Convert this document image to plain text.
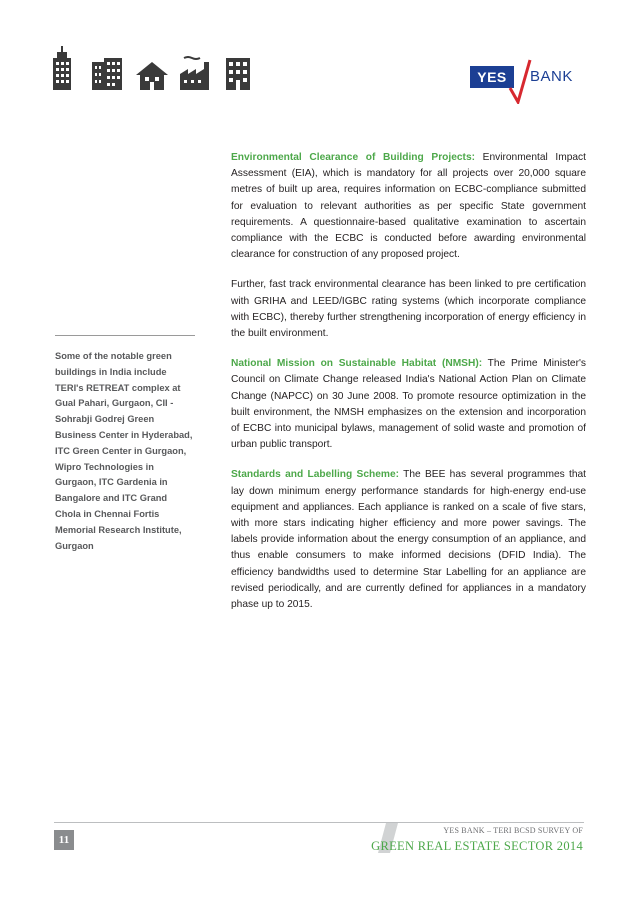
YES	BANK

Environmental Clearance of Building Projects: Environmental Impact Assessment (EIA), which is mandatory for all projects over 20,000 square metres of built up area, requires information on ECBC-compliance submitted for evaluation to relevant authorities as per specific State government requirements. A questionnaire-based qualitative examination to ascertain compliance with the ECBC is conducted before awarding environmental clearance for construction of any proposed project.

Further, fast track environmental clearance has been linked to pre certification with GRIHA and LEED/IGBC rating systems (which incorporate compliance with ECBC), thereby further strengthening incorporation of energy efficiency in the built environment.

National Mission on Sustainable Habitat (NMSH): The Prime Minister's Council on Climate Change released India's National Action Plan on Climate Change (NAPCC) on 30 June 2008. To promote resource optimization in the built environment, the NMSH emphasizes on the extension and incorporation of ECBC into municipal bylaws, management of solid waste and promotion of urban public transport.

Standards and Labelling Scheme: The BEE has several programmes that lay down minimum energy performance standards for high-energy end-use equipment and appliances. Each appliance is ranked on a scale of five stars, with more stars indicating higher efficiency and more power savings. The labels provide information about the energy consumption of an appliance, and thus enable consumers to make informed decisions (DFID India). The efficiency bandwidths used to determine Star Labelling for an appliance are revised periodically, and are currently defined for appliances in a mandatory phase up to 2015.

Some of the notable green buildings in India include TERI's RETREAT complex at Gual Pahari, Gurgaon, CII - Sohrabji Godrej Green Business Center in Hyderabad, ITC Green Center in Gurgaon, Wipro Technologies in Gurgaon, ITC Gardenia in Bangalore and ITC Grand Chola in Chennai Fortis Memorial Research Institute, Gurgaon
11
YES BANK – TERI BCSD SURVEY OF
GREEN REAL ESTATE SECTOR 2014
